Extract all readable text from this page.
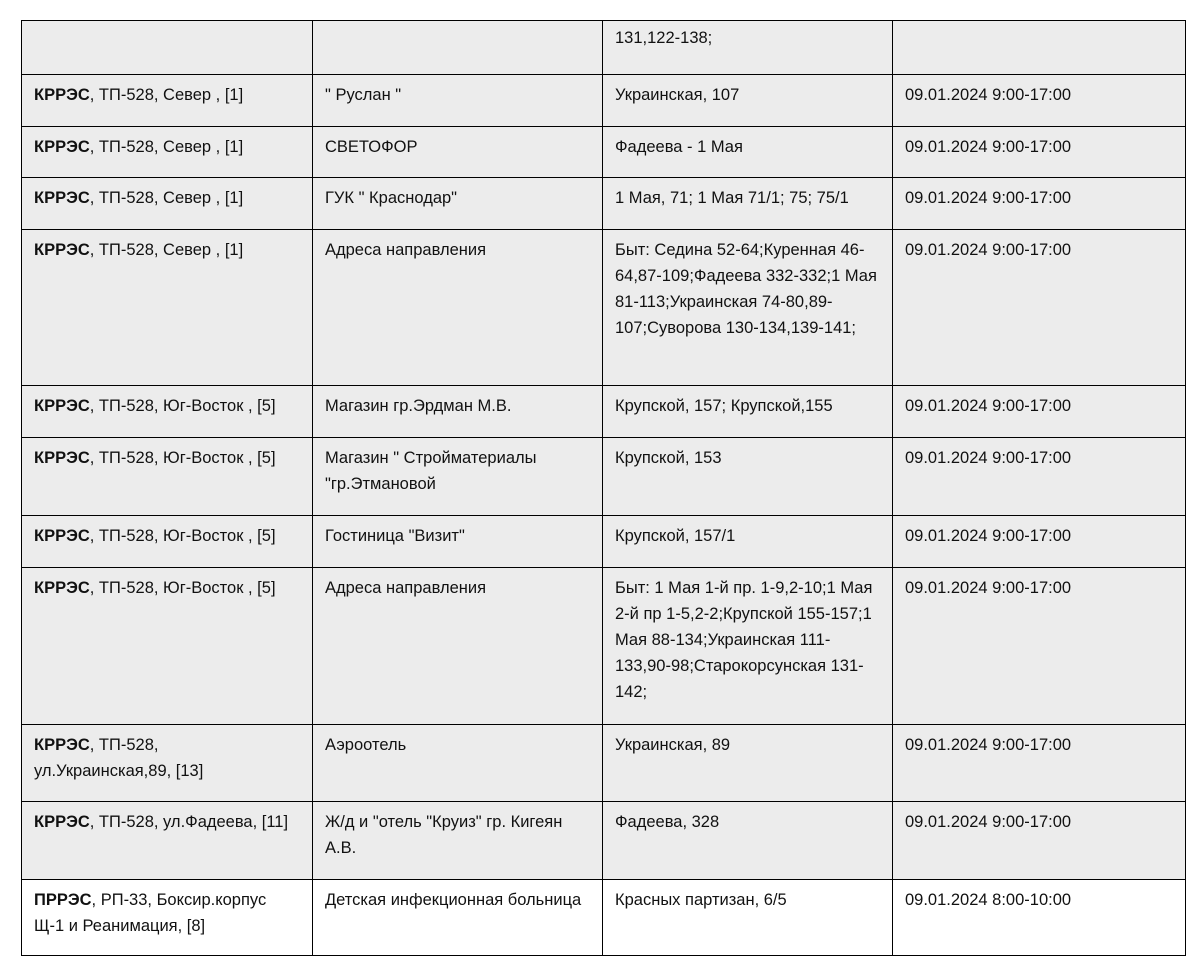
		131,122-138;	
КРРЭС, ТП-528, Север , [1]	" Руслан "	Украинская, 107	09.01.2024 9:00-17:00
КРРЭС, ТП-528, Север , [1]	СВЕТОФОР	Фадеева - 1 Мая	09.01.2024 9:00-17:00
КРРЭС, ТП-528, Север , [1]	ГУК " Краснодар"	1 Мая, 71; 1 Мая 71/1; 75; 75/1	09.01.2024 9:00-17:00
КРРЭС, ТП-528, Север , [1]	Адреса направления	Быт: Седина 52-64;Куренная 46-64,87-109;Фадеева 332-332;1 Мая 81-113;Украинская 74-80,89-107;Суворова 130-134,139-141;	09.01.2024 9:00-17:00
КРРЭС, ТП-528, Юг-Восток , [5]	Магазин гр.Эрдман М.В.	Крупской, 157; Крупской,155	09.01.2024 9:00-17:00
КРРЭС, ТП-528, Юг-Восток , [5]	Магазин " Стройматериалы "гр.Этмановой	Крупской, 153	09.01.2024 9:00-17:00
КРРЭС, ТП-528, Юг-Восток , [5]	Гостиница "Визит"	Крупской, 157/1	09.01.2024 9:00-17:00
КРРЭС, ТП-528, Юг-Восток , [5]	Адреса направления	Быт: 1 Мая 1-й пр. 1-9,2-10;1 Мая 2-й пр 1-5,2-2;Крупской 155-157;1 Мая 88-134;Украинская 111-133,90-98;Старокорсунская 131-142;	09.01.2024 9:00-17:00
КРРЭС, ТП-528, ул.Украинская,89, [13]	Аэроотель	Украинская, 89	09.01.2024 9:00-17:00
КРРЭС, ТП-528, ул.Фадеева, [11]	Ж/д и "отель "Круиз" гр. Кигеян А.В.	Фадеева, 328	09.01.2024 9:00-17:00
ПРРЭС, РП-33, Боксир.корпус Щ-1 и Реанимация, [8]	Детская инфекционная больница	Красных партизан, 6/5	09.01.2024 8:00-10:00
